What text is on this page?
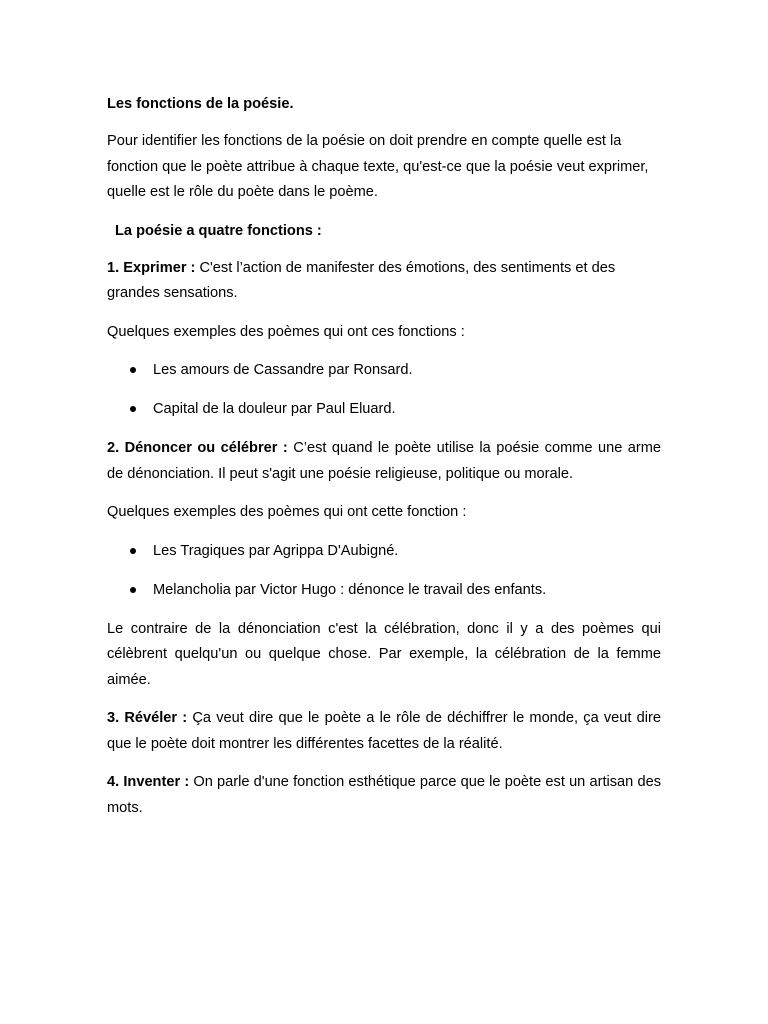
Les fonctions de la poésie.
Pour identifier les fonctions de la poésie on doit prendre en compte quelle est la fonction que le poète attribue à chaque texte, qu'est-ce que la poésie veut exprimer, quelle est le rôle du poète dans le poème.
La poésie a quatre fonctions :
1. Exprimer : C'est l’action de manifester des émotions, des sentiments et des grandes sensations.
Quelques exemples des poèmes qui ont ces fonctions :
Les amours de Cassandre par Ronsard.
Capital de la douleur par Paul Eluard.
2. Dénoncer ou célébrer : C’est quand le poète utilise la poésie comme une arme de dénonciation. Il peut s'agit une poésie religieuse, politique ou morale.
Quelques exemples des poèmes qui ont cette fonction :
Les Tragiques par Agrippa D'Aubigné.
Melancholia par Victor Hugo : dénonce le travail des enfants.
Le contraire de la dénonciation c'est la célébration, donc il y a des poèmes qui célèbrent quelqu'un ou quelque chose. Par exemple, la célébration de la femme aimée.
3. Révéler : Ça veut dire que le poète a le rôle de déchiffrer le monde, ça veut dire que le poète doit montrer les différentes facettes de la réalité.
4. Inventer : On parle d'une fonction esthétique parce que le poète est un artisan des mots.
